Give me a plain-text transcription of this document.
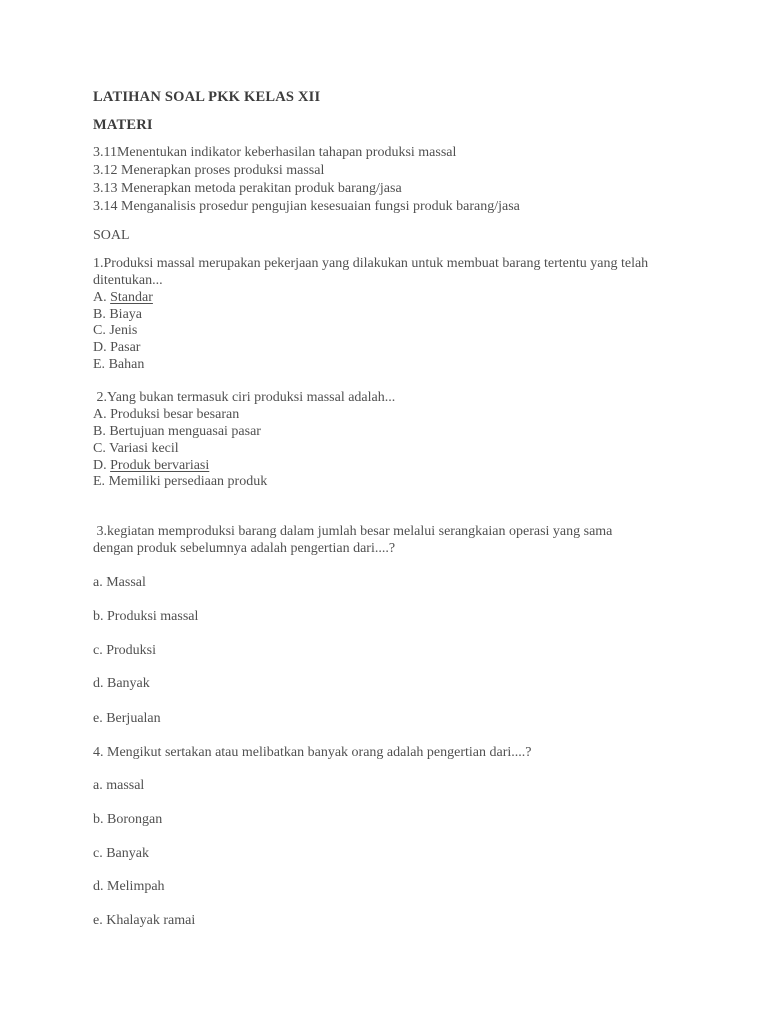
LATIHAN SOAL PKK KELAS XII
MATERI
3.11Menentukan indikator keberhasilan tahapan produksi massal
3.12 Menerapkan proses produksi massal
3.13 Menerapkan metoda perakitan produk barang/jasa
3.14 Menganalisis prosedur pengujian kesesuaian fungsi produk barang/jasa
SOAL
1.Produksi massal merupakan pekerjaan yang dilakukan untuk membuat barang tertentu yang telah
ditentukan...
A. Standar
B. Biaya
C. Jenis
D. Pasar
E. Bahan
2.Yang bukan termasuk ciri produksi massal adalah...
A. Produksi besar besaran
B. Bertujuan menguasai pasar
C. Variasi kecil
D. Produk bervariasi
E. Memiliki persediaan produk
3.kegiatan memproduksi barang dalam jumlah besar melalui serangkaian operasi yang sama
dengan produk sebelumnya adalah pengertian dari....?
a. Massal
b. Produksi massal
c. Produksi
d. Banyak
e. Berjualan
4. Mengikut sertakan atau melibatkan banyak orang adalah pengertian dari....?
a. massal
b. Borongan
c. Banyak
d. Melimpah
e. Khalayak ramai
